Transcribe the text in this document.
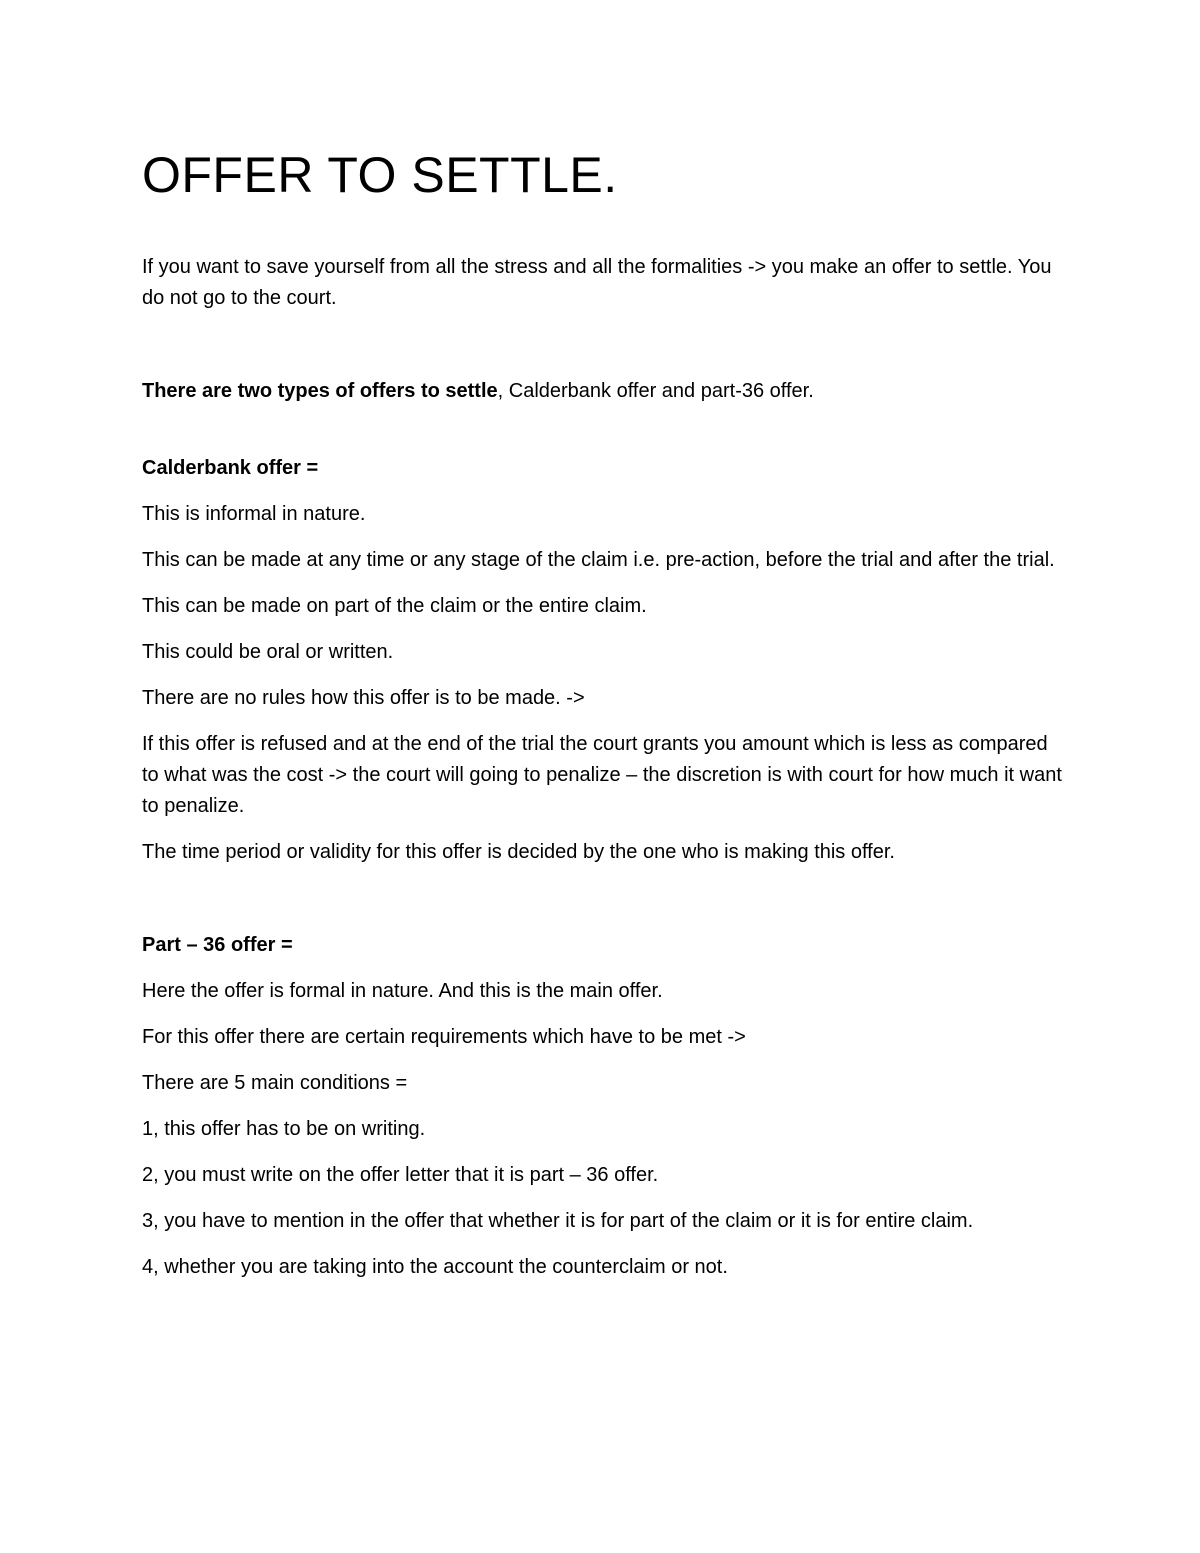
OFFER TO SETTLE.

If you want to save yourself from all the stress and all the formalities -> you make an offer to settle. You do not go to the court.

There are two types of offers to settle, Calderbank offer and part-36 offer.

Calderbank offer =

This is informal in nature.

This can be made at any time or any stage of the claim i.e. pre-action, before the trial and after the trial.

This can be made on part of the claim or the entire claim.

This could be oral or written.

There are no rules how this offer is to be made. ->

If this offer is refused and at the end of the trial the court grants you amount which is less as compared to what was the cost -> the court will going to penalize – the discretion is with court for how much it want to penalize.

The time period or validity for this offer is decided by the one who is making this offer.

Part – 36 offer =

Here the offer is formal in nature. And this is the main offer.

For this offer there are certain requirements which have to be met ->

There are 5 main conditions =

1, this offer has to be on writing.

2, you must write on the offer letter that it is part – 36 offer.

3, you have to mention in the offer that whether it is for part of the claim or it is for entire claim.

4, whether you are taking into the account the counterclaim or not.
